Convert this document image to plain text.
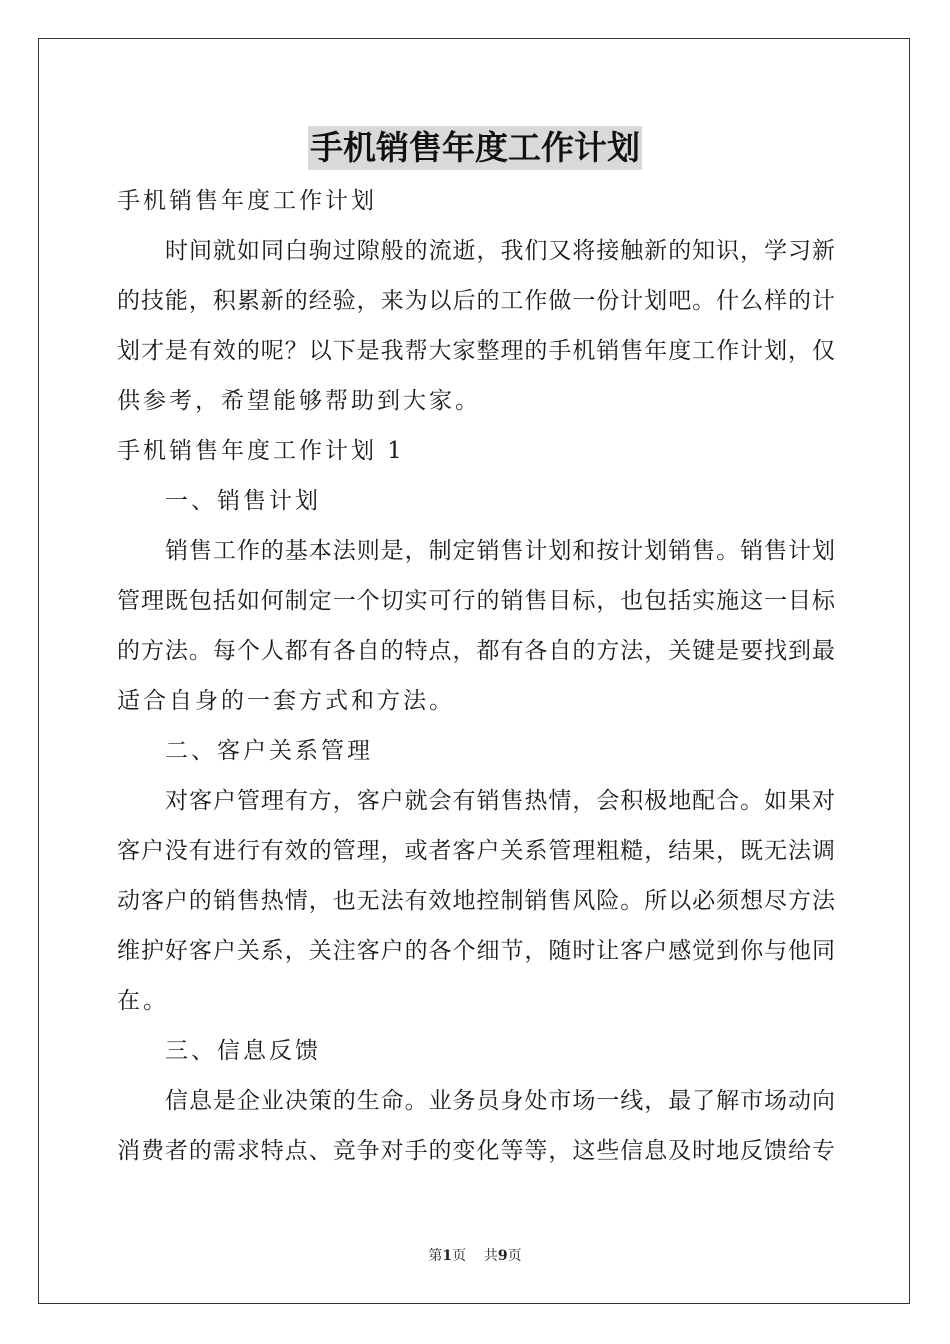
手机销售年度工作计划
手机销售年度工作计划
时间就如同白驹过隙般的流逝，我们又将接触新的知识，学习新
的技能，积累新的经验，来为以后的工作做一份计划吧。什么样的计
划才是有效的呢？以下是我帮大家整理的手机销售年度工作计划，仅
供参考，希望能够帮助到大家。
手机销售年度工作计划 1
一、销售计划
销售工作的基本法则是，制定销售计划和按计划销售。销售计划
管理既包括如何制定一个切实可行的销售目标，也包括实施这一目标
的方法。每个人都有各自的特点，都有各自的方法，关键是要找到最
适合自身的一套方式和方法。
二、客户关系管理
对客户管理有方，客户就会有销售热情，会积极地配合。如果对
客户没有进行有效的管理，或者客户关系管理粗糙，结果，既无法调
动客户的销售热情，也无法有效地控制销售风险。所以必须想尽方法
维护好客户关系，关注客户的各个细节，随时让客户感觉到你与他同
在。
三、信息反馈
信息是企业决策的生命。业务员身处市场一线，最了解市场动向
消费者的需求特点、竞争对手的变化等等，这些信息及时地反馈给专
第1页 共9页
